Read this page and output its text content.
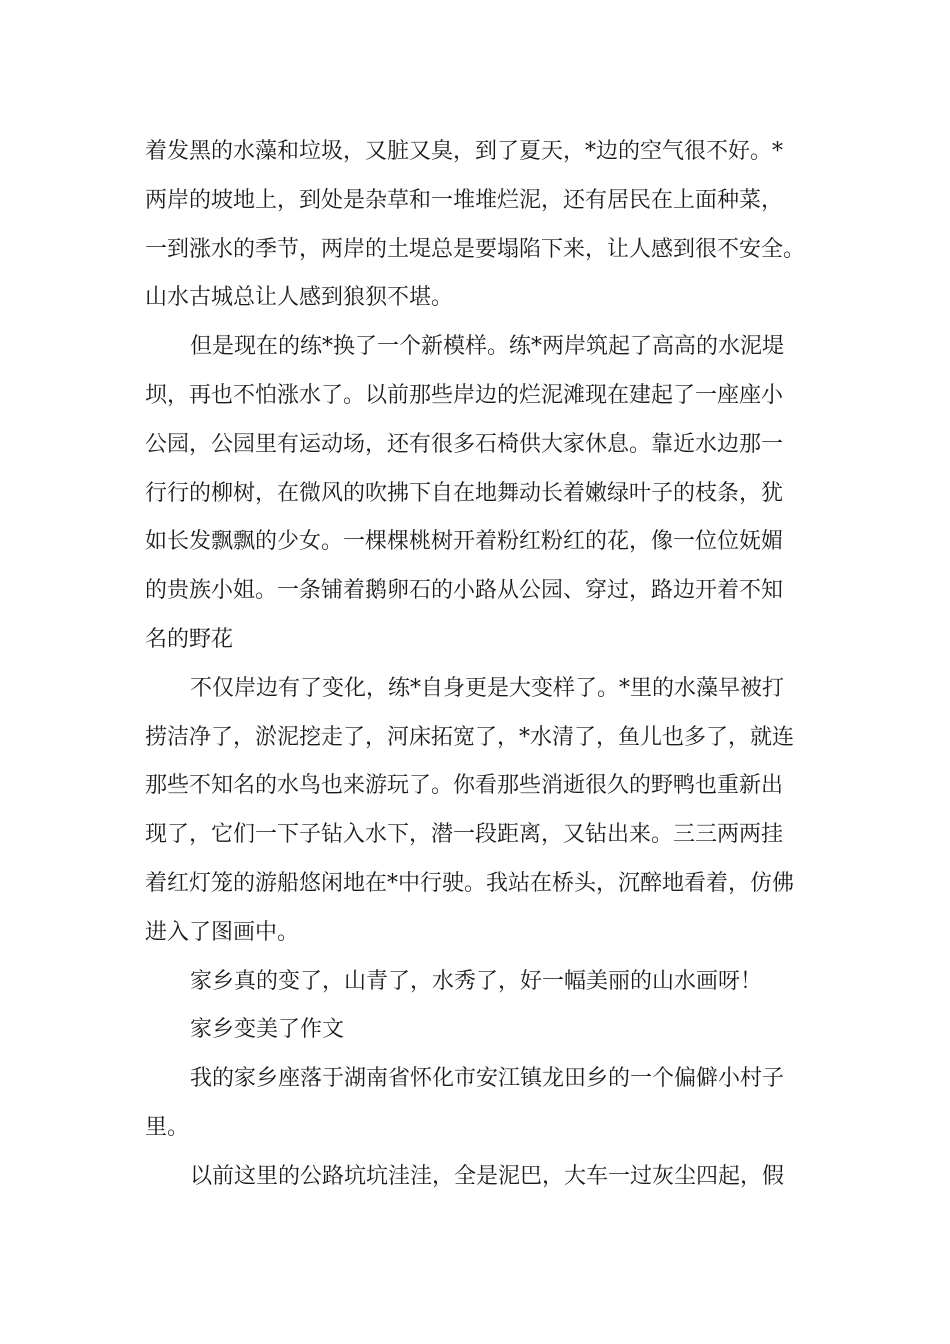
着发黑的水藻和垃圾，又脏又臭，到了夏天，*边的空气很不好。*
两岸的坡地上，到处是杂草和一堆堆烂泥，还有居民在上面种菜，
一到涨水的季节，两岸的土堤总是要塌陷下来，让人感到很不安全。
山水古城总让人感到狼狈不堪。
但是现在的练*换了一个新模样。练*两岸筑起了高高的水泥堤
坝，再也不怕涨水了。以前那些岸边的烂泥滩现在建起了一座座小
公园，公园里有运动场，还有很多石椅供大家休息。靠近水边那一
行行的柳树，在微风的吹拂下自在地舞动长着嫩绿叶子的枝条，犹
如长发飘飘的少女。一棵棵桃树开着粉红粉红的花，像一位位妩媚
的贵族小姐。一条铺着鹅卵石的小路从公园、穿过，路边开着不知
名的野花
不仅岸边有了变化，练*自身更是大变样了。*里的水藻早被打
捞洁净了，淤泥挖走了，河床拓宽了，*水清了，鱼儿也多了，就连
那些不知名的水鸟也来游玩了。你看那些消逝很久的野鸭也重新出
现了，它们一下子钻入水下，潜一段距离，又钻出来。三三两两挂
着红灯笼的游船悠闲地在*中行驶。我站在桥头，沉醉地看着，仿佛
进入了图画中。
家乡真的变了，山青了，水秀了，好一幅美丽的山水画呀！
家乡变美了作文
我的家乡座落于湖南省怀化市安江镇龙田乡的一个偏僻小村子
里。
以前这里的公路坑坑洼洼，全是泥巴，大车一过灰尘四起，假
